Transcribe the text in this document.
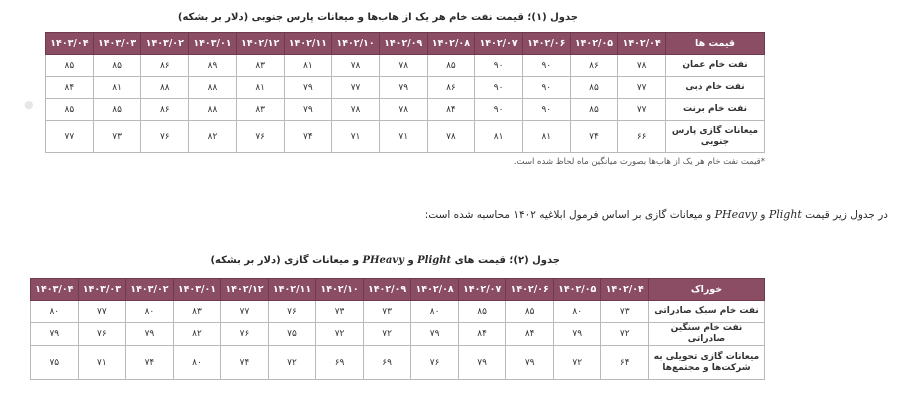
●
جدول (۱)؛ قیمت نفت خام هر یک از هاب‌ها و میعانات پارس جنوبی (دلار بر بشکه)
قیمت ها	۱۴۰۲/۰۴	۱۴۰۲/۰۵	۱۴۰۲/۰۶	۱۴۰۲/۰۷	۱۴۰۲/۰۸	۱۴۰۲/۰۹	۱۴۰۲/۱۰	۱۴۰۲/۱۱	۱۴۰۲/۱۲	۱۴۰۳/۰۱	۱۴۰۳/۰۲	۱۴۰۳/۰۳	۱۴۰۳/۰۴
نفت خام عمان	۷۸	۸۶	۹۰	۹۰	۸۵	۷۸	۷۸	۸۱	۸۳	۸۹	۸۶	۸۵	۸۵
نفت خام دبی	۷۷	۸۵	۹۰	۹۰	۸۶	۷۹	۷۷	۷۹	۸۱	۸۸	۸۸	۸۱	۸۴
نفت خام برنت	۷۷	۸۵	۹۰	۹۰	۸۴	۷۸	۷۸	۷۹	۸۳	۸۸	۸۶	۸۵	۸۵
میعانات گازی پارس جنوبی	۶۶	۷۴	۸۱	۸۱	۷۸	۷۱	۷۱	۷۴	۷۶	۸۲	۷۶	۷۳	۷۷
*قیمت نفت خام هر یک از هاب‌ها بصورت میانگین ماه لحاظ شده است.
در جدول زیر قیمت Plight و PHeavy و میعانات گازی بر اساس فرمول ابلاغیه ۱۴۰۲ محاسبه شده است:
جدول (۲)؛ قیمت های Plight و PHeavy و میعانات گازی (دلار بر بشکه)
خوراک	۱۴۰۲/۰۴	۱۴۰۲/۰۵	۱۴۰۲/۰۶	۱۴۰۲/۰۷	۱۴۰۲/۰۸	۱۴۰۲/۰۹	۱۴۰۲/۱۰	۱۴۰۲/۱۱	۱۴۰۲/۱۲	۱۴۰۳/۰۱	۱۴۰۳/۰۲	۱۴۰۳/۰۳	۱۴۰۳/۰۴
نفت خام سبک صادراتی	۷۳	۸۰	۸۵	۸۵	۸۰	۷۳	۷۳	۷۶	۷۷	۸۳	۸۰	۷۷	۸۰
نفت خام سنگین صادراتی	۷۲	۷۹	۸۴	۸۴	۷۹	۷۲	۷۲	۷۵	۷۶	۸۲	۷۹	۷۶	۷۹
میعانات گازی تحویلی به شرکت‌ها و مجتمع‌ها	۶۴	۷۲	۷۹	۷۹	۷۶	۶۹	۶۹	۷۲	۷۴	۸۰	۷۴	۷۱	۷۵
